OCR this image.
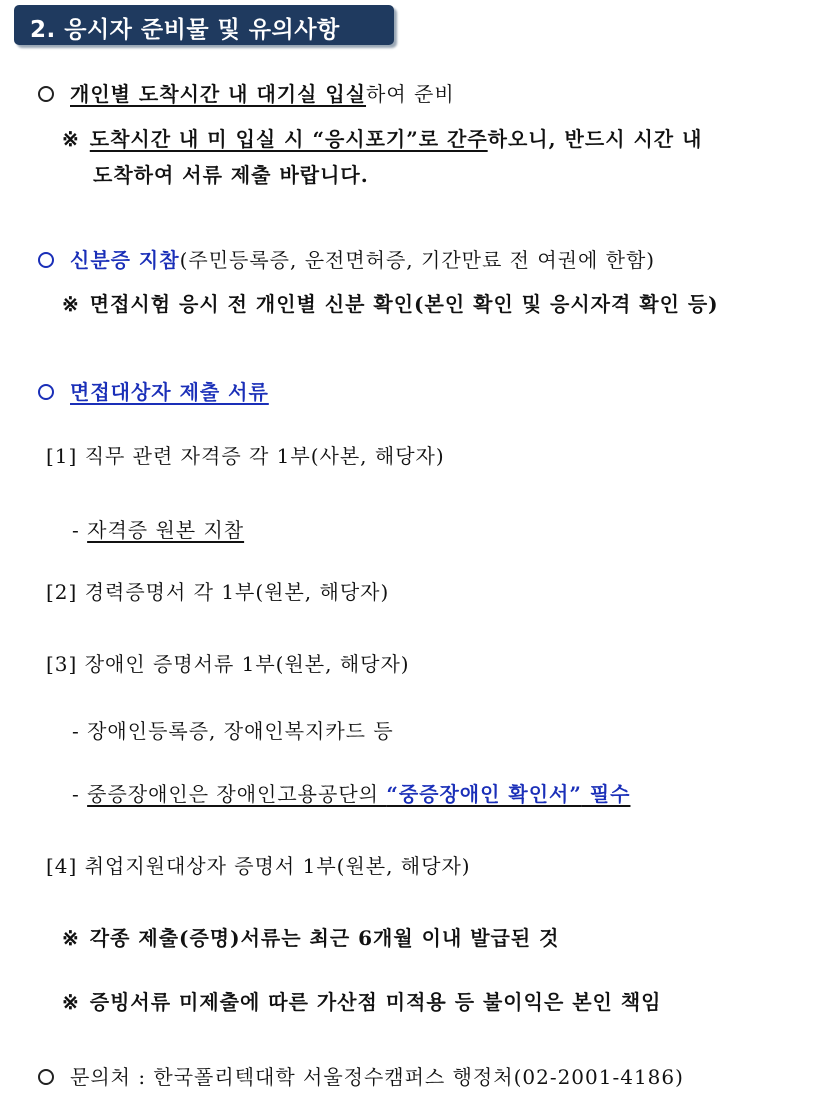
2. 응시자 준비물 및 유의사항
개인별 도착시간 내 대기실 입실하여 준비
※ 도착시간 내 미 입실 시 “응시포기”로 간주하오니, 반드시 시간 내
도착하여 서류 제출 바랍니다.
신분증 지참(주민등록증, 운전면허증, 기간만료 전 여권에 한함)
※ 면접시험 응시 전 개인별 신분 확인(본인 확인 및 응시자격 확인 등)
면접대상자 제출 서류
[1] 직무 관련 자격증 각 1부(사본, 해당자)
- 자격증 원본 지참
[2] 경력증명서 각 1부(원본, 해당자)
[3] 장애인 증명서류 1부(원본, 해당자)
- 장애인등록증, 장애인복지카드 등
- 중증장애인은 장애인고용공단의 “중증장애인 확인서” 필수
[4] 취업지원대상자 증명서 1부(원본, 해당자)
※ 각종 제출(증명)서류는 최근 6개월 이내 발급된 것
※ 증빙서류 미제출에 따른 가산점 미적용 등 불이익은 본인 책임
문의처 : 한국폴리텍대학 서울정수캠퍼스 행정처(02-2001-4186)
